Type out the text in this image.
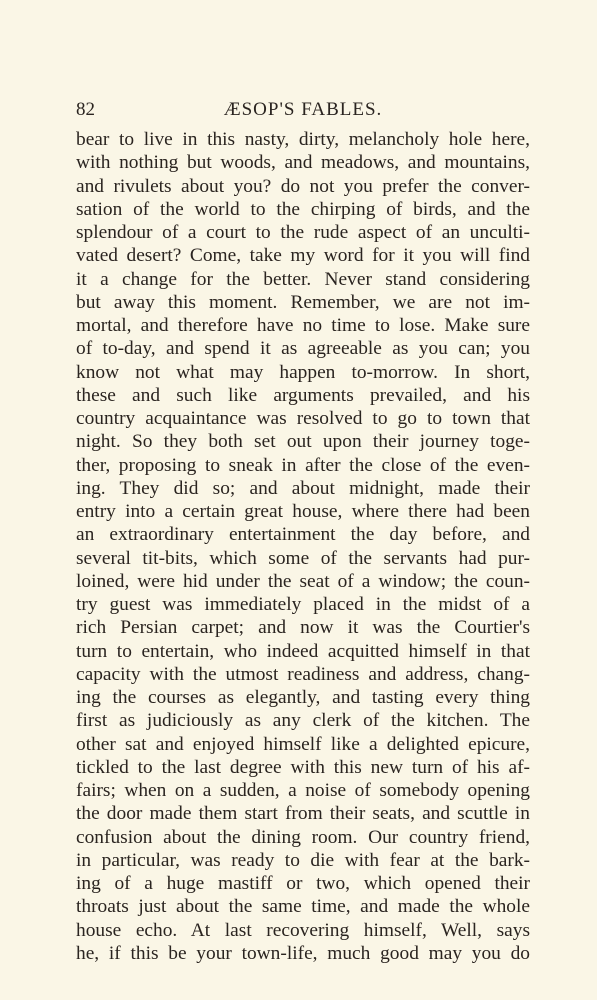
82	ÆSOP'S FABLES.
bear to live in this nasty, dirty, melancholy hole here,
with nothing but woods, and meadows, and mountains,
and rivulets about you? do not you prefer the conver-
sation of the world to the chirping of birds, and the
splendour of a court to the rude aspect of an unculti-
vated desert? Come, take my word for it you will find
it a change for the better. Never stand considering
but away this moment. Remember, we are not im-
mortal, and therefore have no time to lose. Make sure
of to-day, and spend it as agreeable as you can; you
know not what may happen to-morrow. In short,
these and such like arguments prevailed, and his
country acquaintance was resolved to go to town that
night. So they both set out upon their journey toge-
ther, proposing to sneak in after the close of the even-
ing. They did so; and about midnight, made their
entry into a certain great house, where there had been
an extraordinary entertainment the day before, and
several tit-bits, which some of the servants had pur-
loined, were hid under the seat of a window; the coun-
try guest was immediately placed in the midst of a
rich Persian carpet; and now it was the Courtier's
turn to entertain, who indeed acquitted himself in that
capacity with the utmost readiness and address, chang-
ing the courses as elegantly, and tasting every thing
first as judiciously as any clerk of the kitchen. The
other sat and enjoyed himself like a delighted epicure,
tickled to the last degree with this new turn of his af-
fairs; when on a sudden, a noise of somebody opening
the door made them start from their seats, and scuttle in
confusion about the dining room. Our country friend,
in particular, was ready to die with fear at the bark-
ing of a huge mastiff or two, which opened their
throats just about the same time, and made the whole
house echo. At last recovering himself, Well, says
he, if this be your town-life, much good may you do
